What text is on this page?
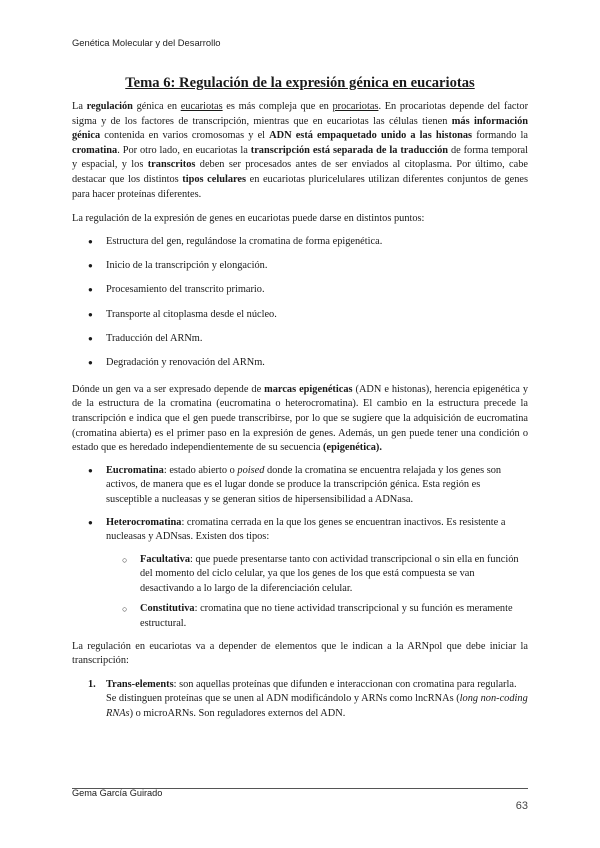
Genética Molecular y del Desarrollo
Tema 6: Regulación de la expresión génica en eucariotas

La regulación génica en eucariotas es más compleja que en procariotas. En procariotas depende del factor sigma y de los factores de transcripción, mientras que en eucariotas las células tienen más información génica contenida en varios cromosomas y el ADN está empaquetado unido a las histonas formando la cromatina. Por otro lado, en eucariotas la transcripción está separada de la traducción de forma temporal y espacial, y los transcritos deben ser procesados antes de ser enviados al citoplasma. Por último, cabe destacar que los distintos tipos celulares en eucariotas pluricelulares utilizan diferentes conjuntos de genes para hacer proteínas diferentes.

La regulación de la expresión de genes en eucariotas puede darse en distintos puntos:

● Estructura del gen, regulándose la cromatina de forma epigenética.
● Inicio de la transcripción y elongación.
● Procesamiento del transcrito primario.
● Transporte al citoplasma desde el núcleo.
● Traducción del ARNm.
● Degradación y renovación del ARNm.

Dónde un gen va a ser expresado depende de marcas epigenéticas (ADN e histonas), herencia epigenética y de la estructura de la cromatina (eucromatina o heterocromatina). El cambio en la estructura precede la transcripción e indica que el gen puede transcribirse, por lo que se sugiere que la adquisición de eucromatina (cromatina abierta) es el primer paso en la expresión de genes. Además, un gen puede tener una condición o estado que es heredado independientemente de su secuencia (epigenética).

● Eucromatina: estado abierto o poised donde la cromatina se encuentra relajada y los genes son activos, de manera que es el lugar donde se produce la transcripción génica. Esta región es susceptible a nucleasas y se generan sitios de hipersensibilidad a ADNasa.
● Heterocromatina: cromatina cerrada en la que los genes se encuentran inactivos. Es resistente a nucleasas y ADNsas. Existen dos tipos:
○ Facultativa: que puede presentarse tanto con actividad transcripcional o sin ella en función del momento del ciclo celular, ya que los genes de los que está compuesta se van desactivando a lo largo de la diferenciación celular.
○ Constitutiva: cromatina que no tiene actividad transcripcional y su función es meramente estructural.

La regulación en eucariotas va a depender de elementos que le indican a la ARNpol que debe iniciar la transcripción:

1. Trans-elements: son aquellas proteínas que difunden e interaccionan con cromatina para regularla. Se distinguen proteínas que se unen al ADN modificándolo y ARNs como lncRNAs (long non-coding RNAs) o microARNs. Son reguladores externos del ADN.
Gema García Guirado
63
